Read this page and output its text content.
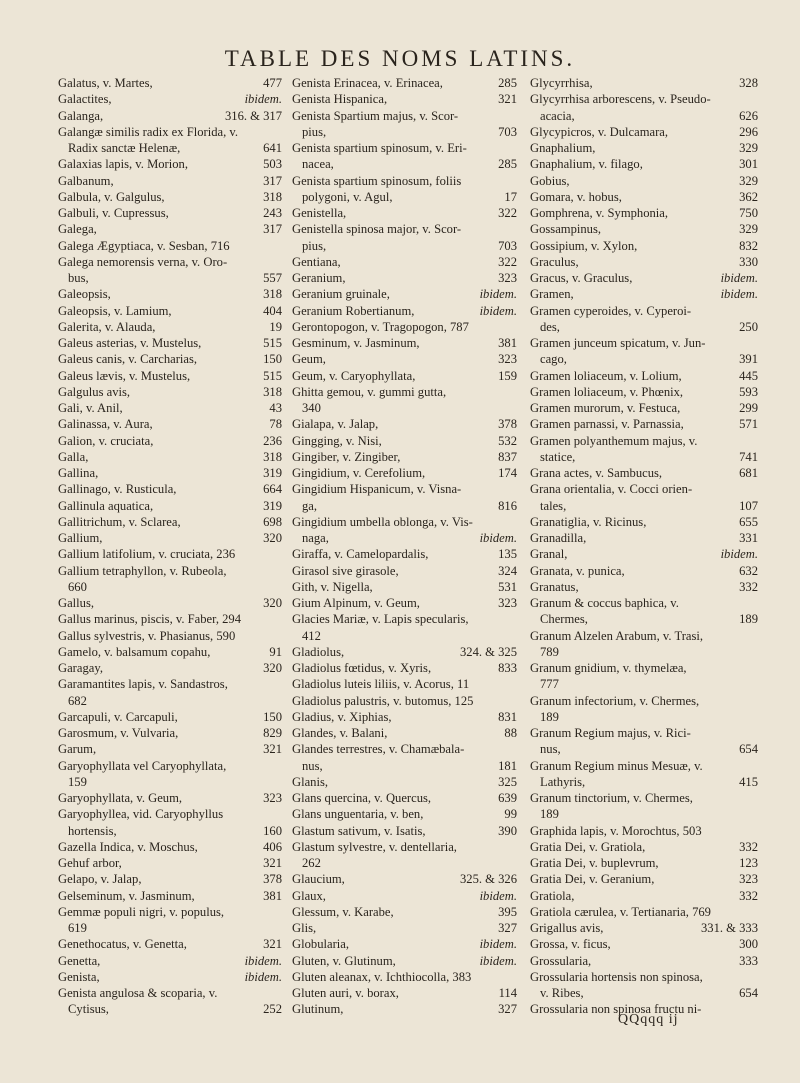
TABLE DES NOMS LATINS.
Galatus, v. Martes,	477
Galactites,	ibidem.
Galanga,	316. & 317
Galangæ similis radix ex Florida, v.
Radix sanctæ Helenæ,	641
Galaxias lapis, v. Morion,	503
Galbanum,	317
Galbula, v. Galgulus,	318
Galbuli, v. Cupressus,	243
Galega,	317
Galega Ægyptiaca, v. Sesban, 716
Galega nemorensis verna, v. Oro-
bus,	557
Galeopsis,	318
Galeopsis, v. Lamium,	404
Galerita, v. Alauda,	19
Galeus asterias, v. Mustelus,	515
Galeus canis, v. Carcharias,	150
Galeus lævis, v. Mustelus,	515
Galgulus avis,	318
Gali, v. Anil,	43
Galinassa, v. Aura,	78
Galion, v. cruciata,	236
Galla,	318
Gallina,	319
Gallinago, v. Rusticula,	664
Gallinula aquatica,	319
Gallitrichum, v. Sclarea,	698
Gallium,	320
Gallium latifolium, v. cruciata, 236
Gallium tetraphyllon, v. Rubeola,
660
Gallus,	320
Gallus marinus, piscis, v. Faber, 294
Gallus sylvestris, v. Phasianus, 590
Gamelo, v. balsamum copahu,	91
Garagay,	320
Garamantites lapis, v. Sandastros,
682
Garcapuli, v. Carcapuli,	150
Garosmum, v. Vulvaria,	829
Garum,	321
Garyophyllata vel Caryophyllata,
159
Garyophyllata, v. Geum,	323
Garyophyllea, vid. Caryophyllus
hortensis,	160
Gazella Indica, v. Moschus,	406
Gehuf arbor,	321
Gelapo, v. Jalap,	378
Gelseminum, v. Jasminum,	381
Gemmæ populi nigri, v. populus,
619
Genethocatus, v. Genetta,	321
Genetta,	ibidem.
Genista,	ibidem.
Genista angulosa & scoparia, v.
Cytisus,	252
Genista Erinacea, v. Erinacea,	285
Genista Hispanica,	321
Genista Spartium majus, v. Scor-
pius,	703
Genista spartium spinosum, v. Eri-
nacea,	285
Genista spartium spinosum, foliis
polygoni, v. Agul,	17
Genistella,	322
Genistella spinosa major, v. Scor-
pius,	703
Gentiana,	322
Geranium,	323
Geranium gruinale,	ibidem.
Geranium Robertianum,	ibidem.
Gerontopogon, v. Tragopogon, 787
Gesminum, v. Jasminum,	381
Geum,	323
Geum, v. Caryophyllata,	159
Ghitta gemou, v. gummi gutta,
340
Gialapa, v. Jalap,	378
Gingging, v. Nisi,	532
Gingiber, v. Zingiber,	837
Gingidium, v. Cerefolium,	174
Gingidium Hispanicum, v. Visna-
ga,	816
Gingidium umbella oblonga, v. Vis-
naga,	ibidem.
Giraffa, v. Camelopardalis,	135
Girasol sive girasole,	324
Gith, v. Nigella,	531
Gium Alpinum, v. Geum,	323
Glacies Mariæ, v. Lapis specularis,
412
Gladiolus,	324. & 325
Gladiolus fœtidus, v. Xyris,	833
Gladiolus luteis liliis, v. Acorus, 11
Gladiolus palustris, v. butomus, 125
Gladius, v. Xiphias,	831
Glandes, v. Balani,	88
Glandes terrestres, v. Chamæbala-
nus,	181
Glanis,	325
Glans quercina, v. Quercus,	639
Glans unguentaria, v. ben,	99
Glastum sativum, v. Isatis,	390
Glastum sylvestre, v. dentellaria,
262
Glaucium,	325. & 326
Glaux,	ibidem.
Glessum, v. Karabe,	395
Glis,	327
Globularia,	ibidem.
Gluten, v. Glutinum,	ibidem.
Gluten aleanax, v. Ichthiocolla, 383
Gluten auri, v. borax,	114
Glutinum,	327
Glycyrrhisa,	328
Glycyrrhisa arborescens, v. Pseudo-
acacia,	626
Glycypicros, v. Dulcamara,	296
Gnaphalium,	329
Gnaphalium, v. filago,	301
Gobius,	329
Gomara, v. hobus,	362
Gomphrena, v. Symphonia,	750
Gossampinus,	329
Gossipium, v. Xylon,	832
Graculus,	330
Gracus, v. Graculus,	ibidem.
Gramen,	ibidem.
Gramen cyperoides, v. Cyperoi-
des,	250
Gramen junceum spicatum, v. Jun-
cago,	391
Gramen loliaceum, v. Lolium,	445
Gramen loliaceum, v. Phœnix,	593
Gramen murorum, v. Festuca,	299
Gramen parnassi, v. Parnassia,	571
Gramen polyanthemum majus, v.
statice,	741
Grana actes, v. Sambucus,	681
Grana orientalia, v. Cocci orien-
tales,	107
Granatiglia, v. Ricinus,	655
Granadilla,	331
Granal,	ibidem.
Granata, v. punica,	632
Granatus,	332
Granum & coccus baphica, v.
Chermes,	189
Granum Alzelen Arabum, v. Trasi,
789
Granum gnidium, v. thymelæa,
777
Granum infectorium, v. Chermes,
189
Granum Regium majus, v. Rici-
nus,	654
Granum Regium minus Mesuæ, v.
Lathyris,	415
Granum tinctorium, v. Chermes,
189
Graphida lapis, v. Morochtus, 503
Gratia Dei, v. Gratiola,	332
Gratia Dei, v. buplevrum,	123
Gratia Dei, v. Geranium,	323
Gratiola,	332
Gratiola cærulea, v. Tertianaria, 769
Grigallus avis,	331. & 333
Grossa, v. ficus,	300
Grossularia,	333
Grossularia hortensis non spinosa,
v. Ribes,	654
Grossularia non spinosa fructu ni-
QQqqq ij
